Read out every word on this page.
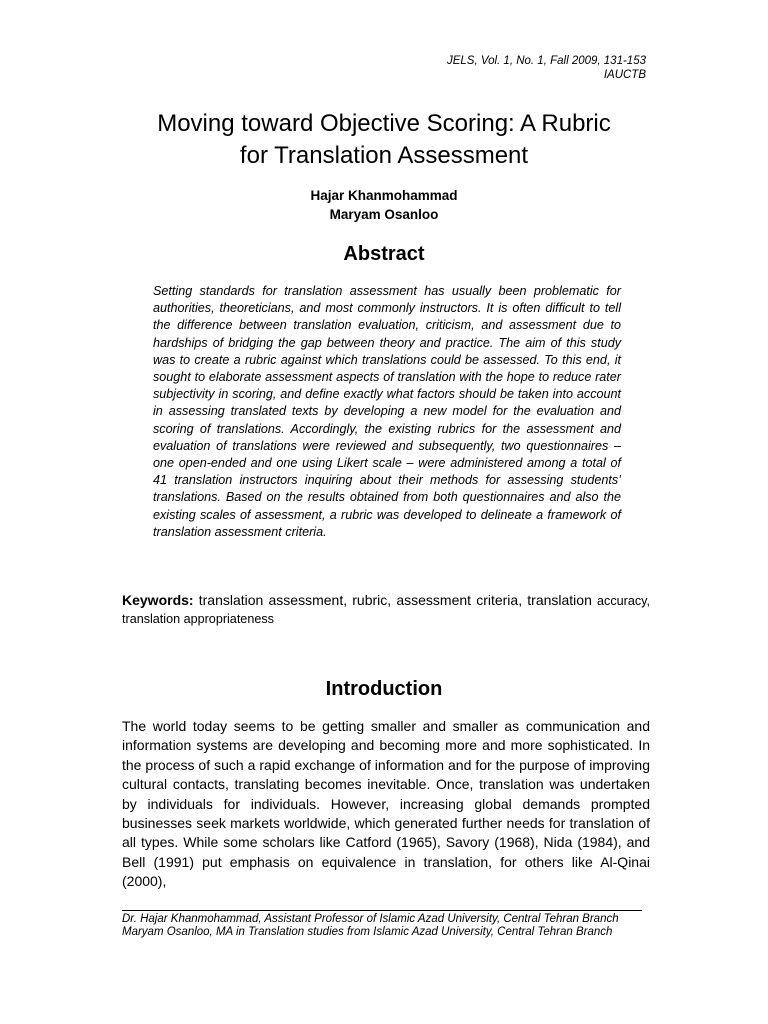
JELS, Vol. 1, No. 1, Fall 2009, 131-153
IAUCTB
Moving toward Objective Scoring: A Rubric
for Translation Assessment
Hajar Khanmohammad
Maryam Osanloo
Abstract

Setting standards for translation assessment has usually been problematic for authorities, theoreticians, and most commonly instructors. It is often difficult to tell the difference between translation evaluation, criticism, and assessment due to hardships of bridging the gap between theory and practice. The aim of this study was to create a rubric against which translations could be assessed. To this end, it sought to elaborate assessment aspects of translation with the hope to reduce rater subjectivity in scoring, and define exactly what factors should be taken into account in assessing translated texts by developing a new model for the evaluation and scoring of translations. Accordingly, the existing rubrics for the assessment and evaluation of translations were reviewed and subsequently, two questionnaires – one open-ended and one using Likert scale – were administered among a total of 41 translation instructors inquiring about their methods for assessing students’ translations. Based on the results obtained from both questionnaires and also the existing scales of assessment, a rubric was developed to delineate a framework of translation assessment criteria.

Keywords: translation assessment, rubric, assessment criteria, translation accuracy, translation appropriateness
Introduction

The world today seems to be getting smaller and smaller as communication and information systems are developing and becoming more and more sophisticated. In the process of such a rapid exchange of information and for the purpose of improving cultural contacts, translating becomes inevitable. Once, translation was undertaken by individuals for individuals. However, increasing global demands prompted businesses seek markets worldwide, which generated further needs for translation of all types. While some scholars like Catford (1965), Savory (1968), Nida (1984), and Bell (1991) put emphasis on equivalence in translation, for others like Al-Qinai (2000),

Dr. Hajar Khanmohammad, Assistant Professor of Islamic Azad University, Central Tehran Branch

Maryam Osanloo, MA in Translation studies from Islamic Azad University, Central Tehran Branch
